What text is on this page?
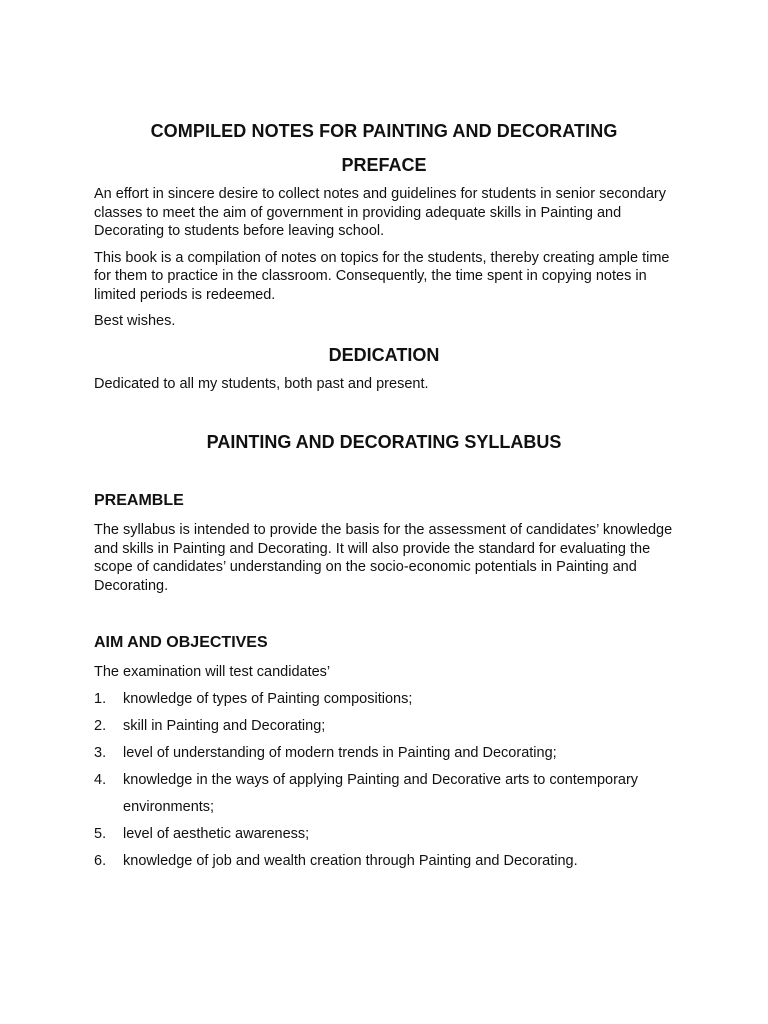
COMPILED NOTES FOR PAINTING AND DECORATING
PREFACE

An effort in sincere desire to collect notes and guidelines for students in senior secondary classes to meet the aim of government in providing adequate skills in Painting and Decorating to students before leaving school.

This book is a compilation of notes on topics for the students, thereby creating ample time for them to practice in the classroom. Consequently, the time spent in copying notes in limited periods is redeemed.

Best wishes.

DEDICATION

Dedicated to all my students, both past and present.

PAINTING AND DECORATING SYLLABUS
PREAMBLE

The syllabus is intended to provide the basis for the assessment of candidates’ knowledge and skills in Painting and Decorating. It will also provide the standard for evaluating the scope of candidates’ understanding on the socio-economic potentials in Painting and Decorating.

AIM AND OBJECTIVES

The examination will test candidates’

1. knowledge of types of Painting compositions;
2. skill in Painting and Decorating;
3. level of understanding of modern trends in Painting and Decorating;
4. knowledge in the ways of applying Painting and Decorative arts to contemporary environments;
5. level of aesthetic awareness;
6. knowledge of job and wealth creation through Painting and Decorating.
